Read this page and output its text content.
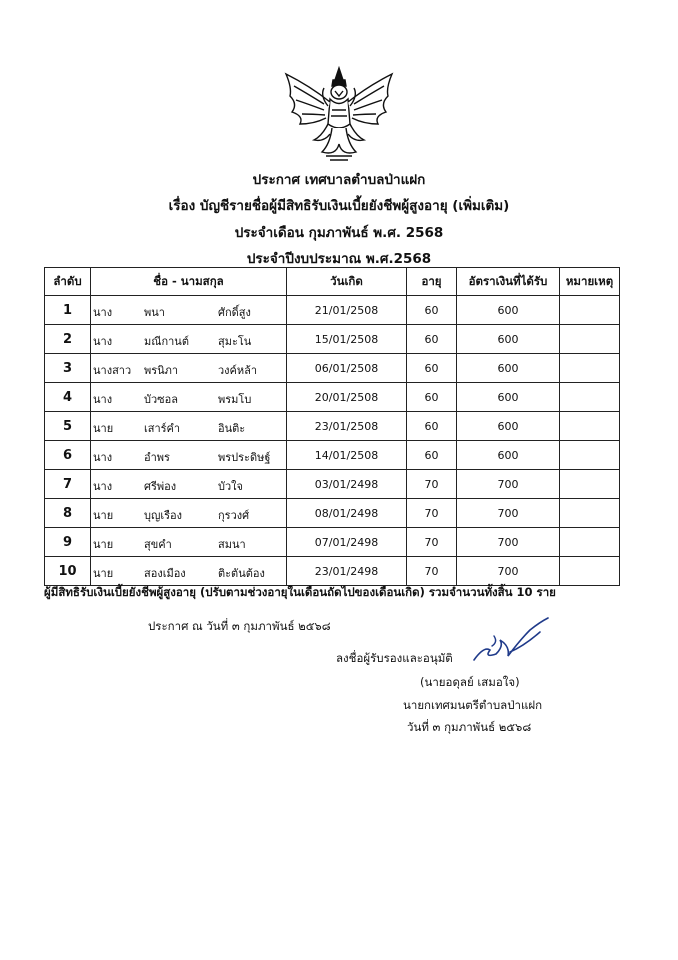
ประกาศ เทศบาลตำบลป่าแฝก
เรื่อง บัญชีรายชื่อผู้มีสิทธิรับเงินเบี้ยยังชีพผู้สูงอายุ (เพิ่มเติม)
ประจำเดือน กุมภาพันธ์ พ.ศ. 2568
ประจำปีงบประมาณ พ.ศ.2568
ลำดับ	ชื่อ - นามสกุล	วันเกิด	อายุ	อัตราเงินที่ได้รับ	หมายเหตุ
1	นาง พนา ศักดิ์สูง	21/01/2508	60	600	
2	นาง มณีกานต์ สุมะโน	15/01/2508	60	600	
3	นางสาว พรนิภา วงค์หล้า	06/01/2508	60	600	
4	นาง บัวซอล พรมโบ	20/01/2508	60	600	
5	นาย เสาร์คำ อินติะ	23/01/2508	60	600	
6	นาง อำพร พรประดิษฐ์	14/01/2508	60	600	
7	นาง ศรีพ่อง บัวใจ	03/01/2498	70	700	
8	นาย บุญเรือง กุรวงศ์	08/01/2498	70	700	
9	นาย สุขคำ สมนา	07/01/2498	70	700	
10	นาย สองเมือง ติะตันต้อง	23/01/2498	70	700	
ผู้มีสิทธิรับเงินเบี้ยยังชีพผู้สูงอายุ (ปรับตามช่วงอายุในเดือนถัดไปของเดือนเกิด) รวมจำนวนทั้งสิ้น 10 ราย
ประกาศ ณ วันที่ ๓ กุมภาพันธ์ ๒๕๖๘
ลงชื่อผู้รับรองและอนุมัติ
(นายอดุลย์ เสมอใจ)
นายกเทศมนตรีตำบลป่าแฝก
วันที่ ๓ กุมภาพันธ์ ๒๕๖๘
